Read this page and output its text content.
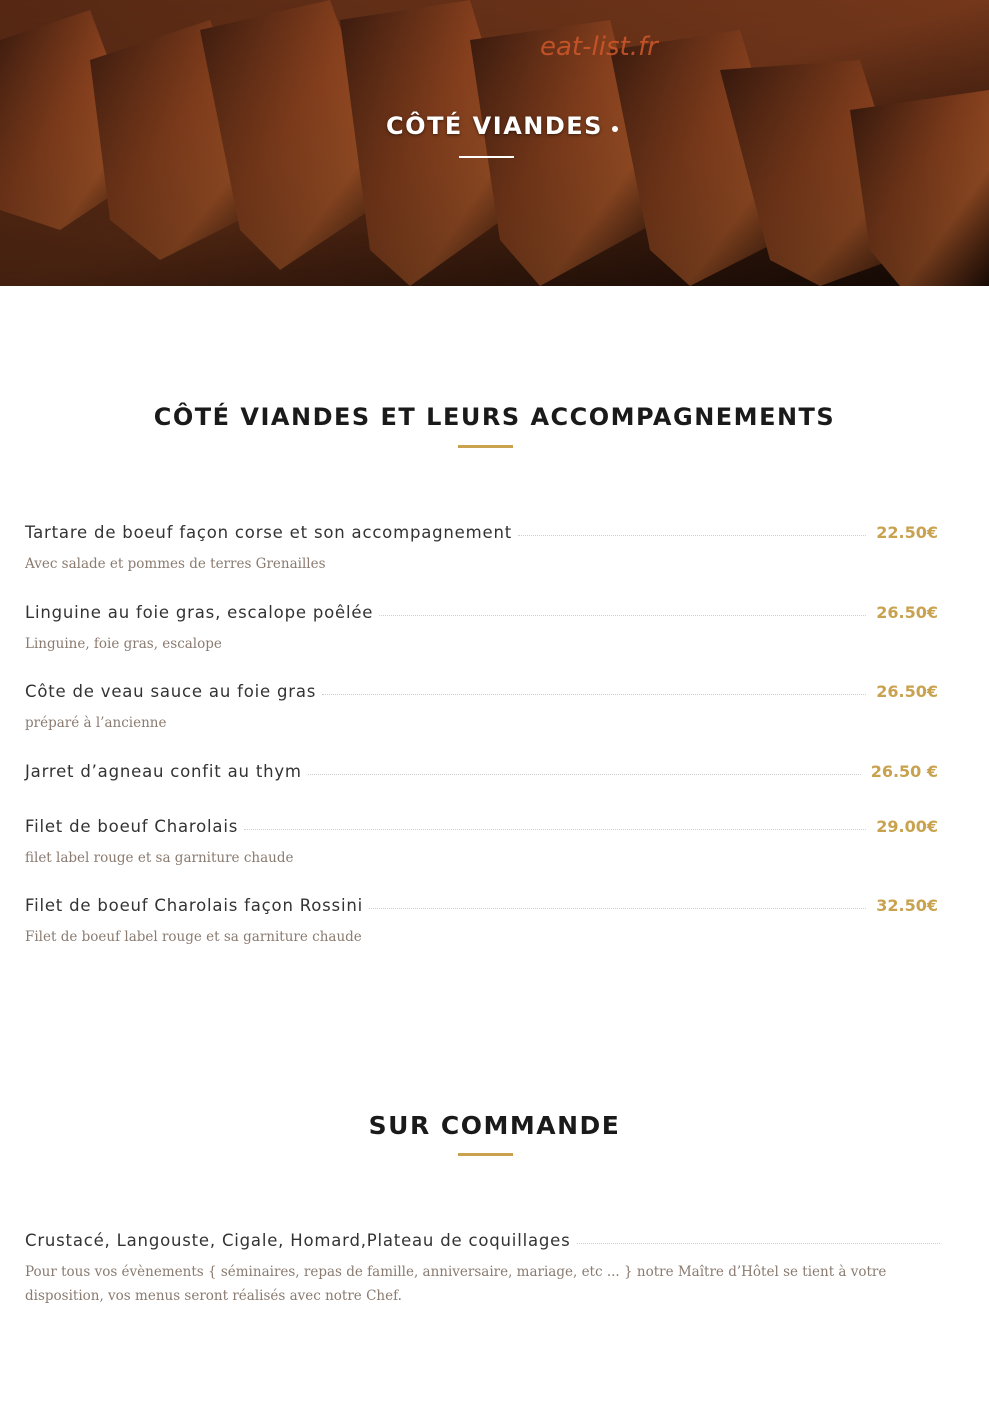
eat-list.fr
CÔTÉ VIANDES
CÔTÉ VIANDES ET LEURS ACCOMPAGNEMENTS
Tartare de boeuf façon corse et son accompagnement	22.50€
Avec salade et pommes de terres Grenailles
Linguine au foie gras, escalope poêlée	26.50€
Linguine, foie gras, escalope
Côte de veau sauce au foie gras	26.50€
préparé à l’ancienne
Jarret d’agneau confit au thym	26.50 €
Filet de boeuf Charolais	29.00€
filet label rouge et sa garniture chaude
Filet de boeuf Charolais façon Rossini	32.50€
Filet de boeuf label rouge et sa garniture chaude
SUR COMMANDE
Crustacé, Langouste, Cigale, Homard,Plateau de coquillages
Pour tous vos évènements { séminaires, repas de famille, anniversaire, mariage, etc ... } notre Maître d’Hôtel se tient à votre disposition, vos menus seront réalisés avec notre Chef.
